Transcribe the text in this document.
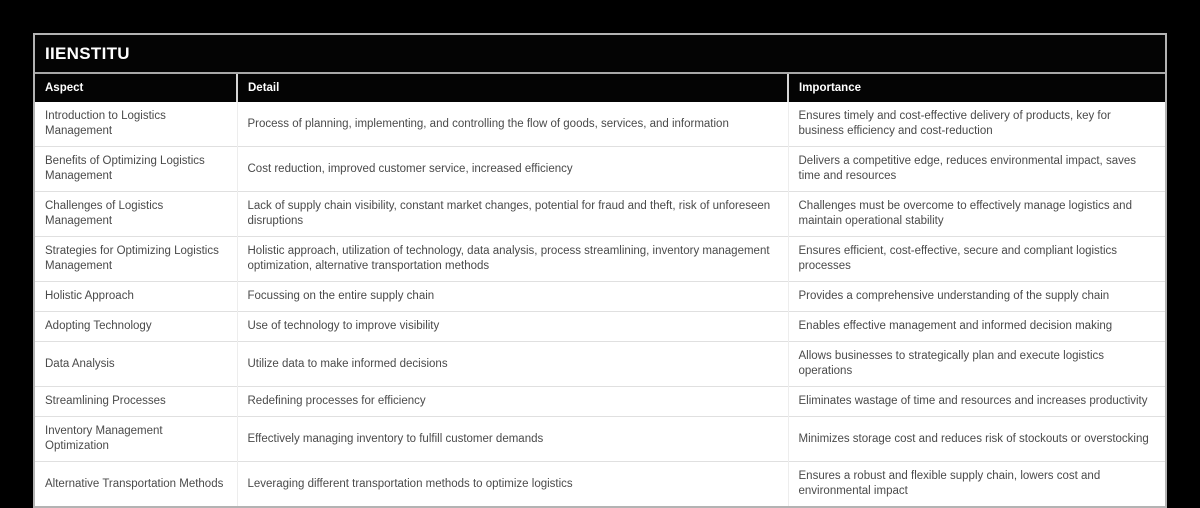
IIENSTITU
Aspect	Detail	Importance
Introduction to Logistics Management	Process of planning, implementing, and controlling the flow of goods, services, and information	Ensures timely and cost-effective delivery of products, key for business efficiency and cost-reduction
Benefits of Optimizing Logistics Management	Cost reduction, improved customer service, increased efficiency	Delivers a competitive edge, reduces environmental impact, saves time and resources
Challenges of Logistics Management	Lack of supply chain visibility, constant market changes, potential for fraud and theft, risk of unforeseen disruptions	Challenges must be overcome to effectively manage logistics and maintain operational stability
Strategies for Optimizing Logistics Management	Holistic approach, utilization of technology, data analysis, process streamlining, inventory management optimization, alternative transportation methods	Ensures efficient, cost-effective, secure and compliant logistics processes
Holistic Approach	Focussing on the entire supply chain	Provides a comprehensive understanding of the supply chain
Adopting Technology	Use of technology to improve visibility	Enables effective management and informed decision making
Data Analysis	Utilize data to make informed decisions	Allows businesses to strategically plan and execute logistics operations
Streamlining Processes	Redefining processes for efficiency	Eliminates wastage of time and resources and increases productivity
Inventory Management Optimization	Effectively managing inventory to fulfill customer demands	Minimizes storage cost and reduces risk of stockouts or overstocking
Alternative Transportation Methods	Leveraging different transportation methods to optimize logistics	Ensures a robust and flexible supply chain, lowers cost and environmental impact
